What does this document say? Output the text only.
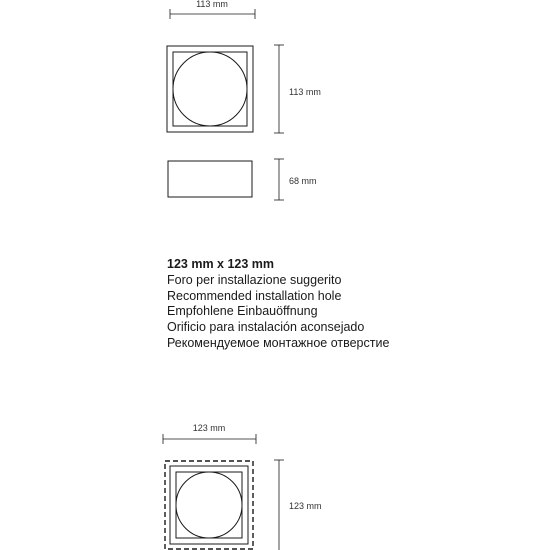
113 mm
113 mm
68 mm
123 mm
123 mm
123 mm x 123 mm
Foro per installazione suggerito
Recommended installation hole
Empfohlene Einbauöffnung
Orificio para instalación aconsejado
Рекомендуемое монтажное отверстие
